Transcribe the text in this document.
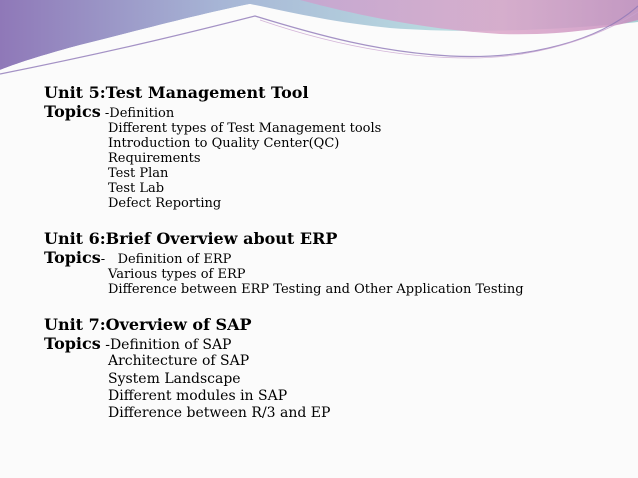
Unit 5:Test Management Tool
Topics -Definition
Different types of Test Management tools
Introduction to Quality Center(QC)
Requirements
Test Plan
Test Lab
Defect Reporting
Unit 6:Brief Overview about ERP
Topics-   Definition of ERP
Various types of ERP
Difference between ERP Testing and Other Application Testing
Unit 7:Overview of SAP
Topics -Definition of SAP
Architecture of SAP
System Landscape
Different modules in SAP
Difference between R/3 and EP
